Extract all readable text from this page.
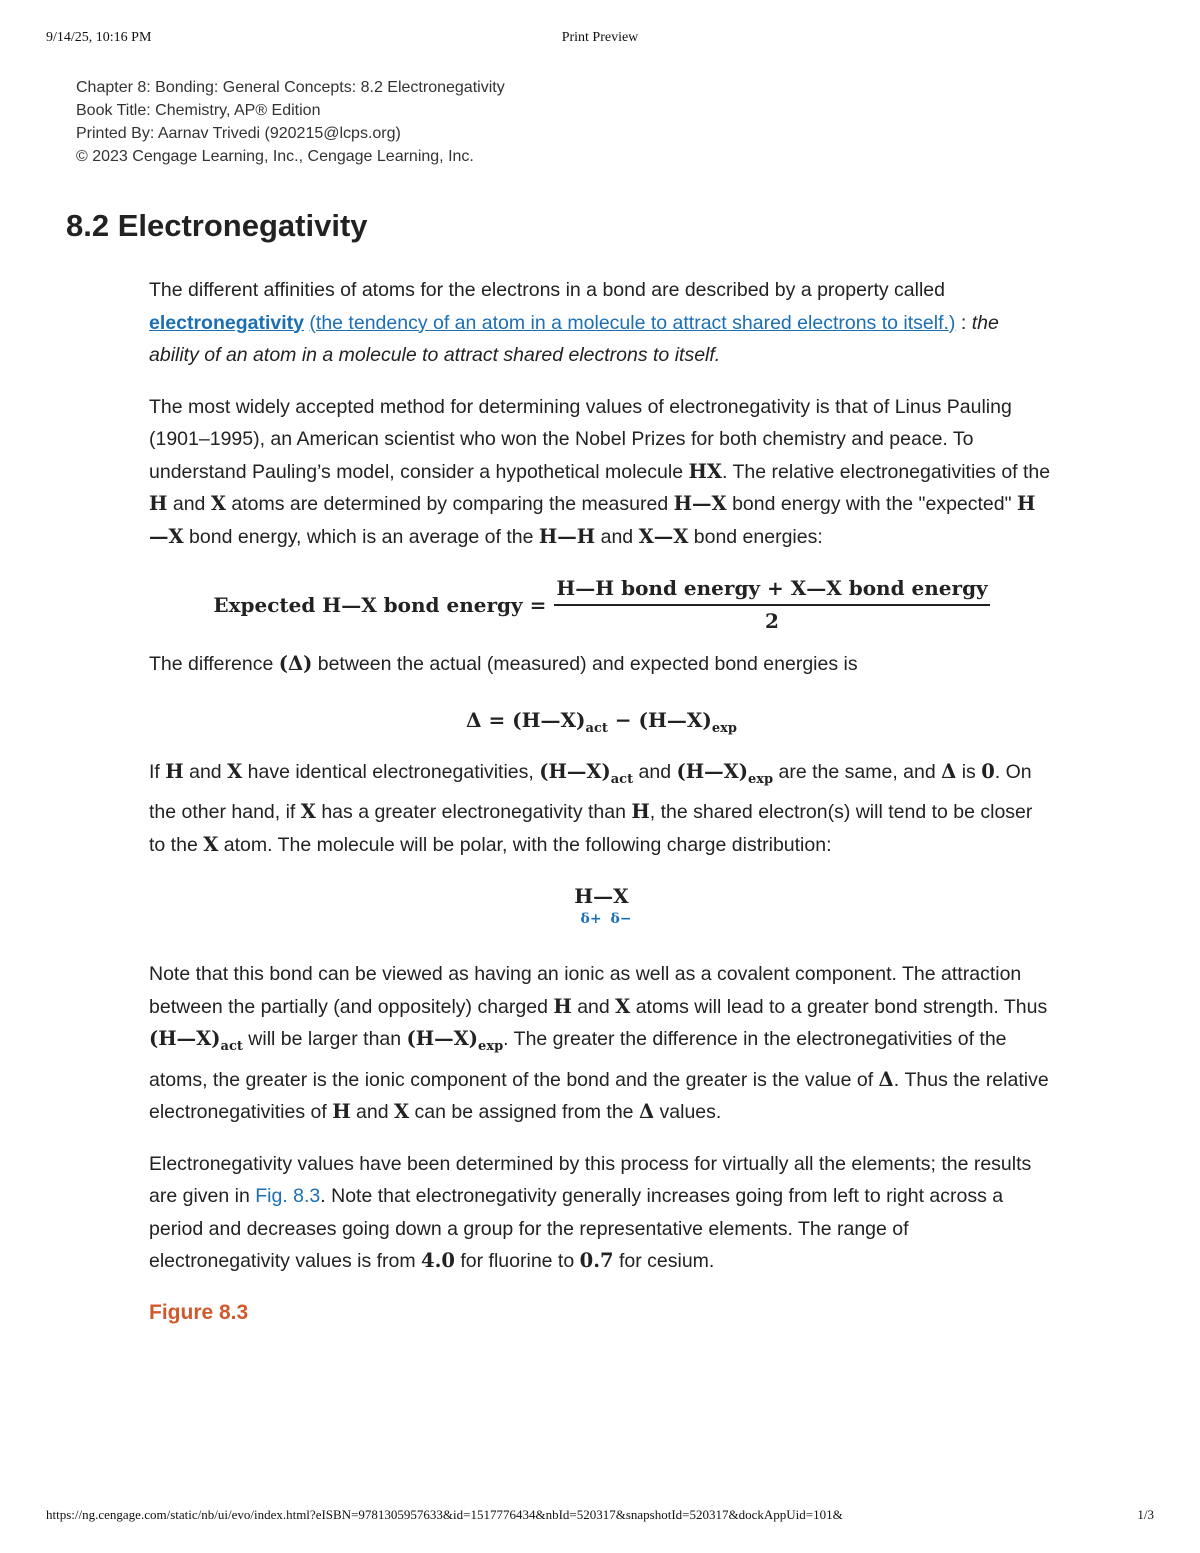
9/14/25, 10:16 PM	Print Preview
Chapter 8: Bonding: General Concepts: 8.2 Electronegativity
Book Title: Chemistry, AP® Edition
Printed By: Aarnav Trivedi (920215@lcps.org)
© 2023 Cengage Learning, Inc., Cengage Learning, Inc.
8.2 Electronegativity

The different affinities of atoms for the electrons in a bond are described by a property called electronegativity (the tendency of an atom in a molecule to attract shared electrons to itself.) : the ability of an atom in a molecule to attract shared electrons to itself.

The most widely accepted method for determining values of electronegativity is that of Linus Pauling (1901–1995), an American scientist who won the Nobel Prizes for both chemistry and peace. To understand Pauling’s model, consider a hypothetical molecule HX. The relative electronegativities of the H and X atoms are determined by comparing the measured H—X bond energy with the "expected" H—X bond energy, which is an average of the H—H and X—X bond energies:

Expected H—X bond energy = $\frac{\text{H—H bond energy + X—X bond energy}}{2}$

The difference (Δ) between the actual (measured) and expected bond energies is

$\Delta = (H—X)_{act}$ − $(H—X)_{exp}$

If H and X have identical electronegativities, $(H—X)_{act}$ and $(H—X)_{exp}$ are the same, and Δ is 0. On the other hand, if X has a greater electronegativity than H, the shared electron(s) will tend to be closer to the X atom. The molecule will be polar, with the following charge distribution:

H—X
δ+ δ−

Note that this bond can be viewed as having an ionic as well as a covalent component. The attraction between the partially (and oppositely) charged H and X atoms will lead to a greater bond strength. Thus $(H—X)_{act}$ will be larger than $(H—X)_{exp}$. The greater the difference in the electronegativities of the atoms, the greater is the ionic component of the bond and the greater is the value of Δ. Thus the relative electronegativities of H and X can be assigned from the Δ values.

Electronegativity values have been determined by this process for virtually all the elements; the results are given in Fig. 8.3. Note that electronegativity generally increases going from left to right across a period and decreases going down a group for the representative elements. The range of electronegativity values is from 4.0 for fluorine to 0.7 for cesium.

Figure 8.3
https://ng.cengage.com/static/nb/ui/evo/index.html?eISBN=9781305957633&id=1517776434&nbId=520317&snapshotId=520317&dockAppUid=101&	1/3
